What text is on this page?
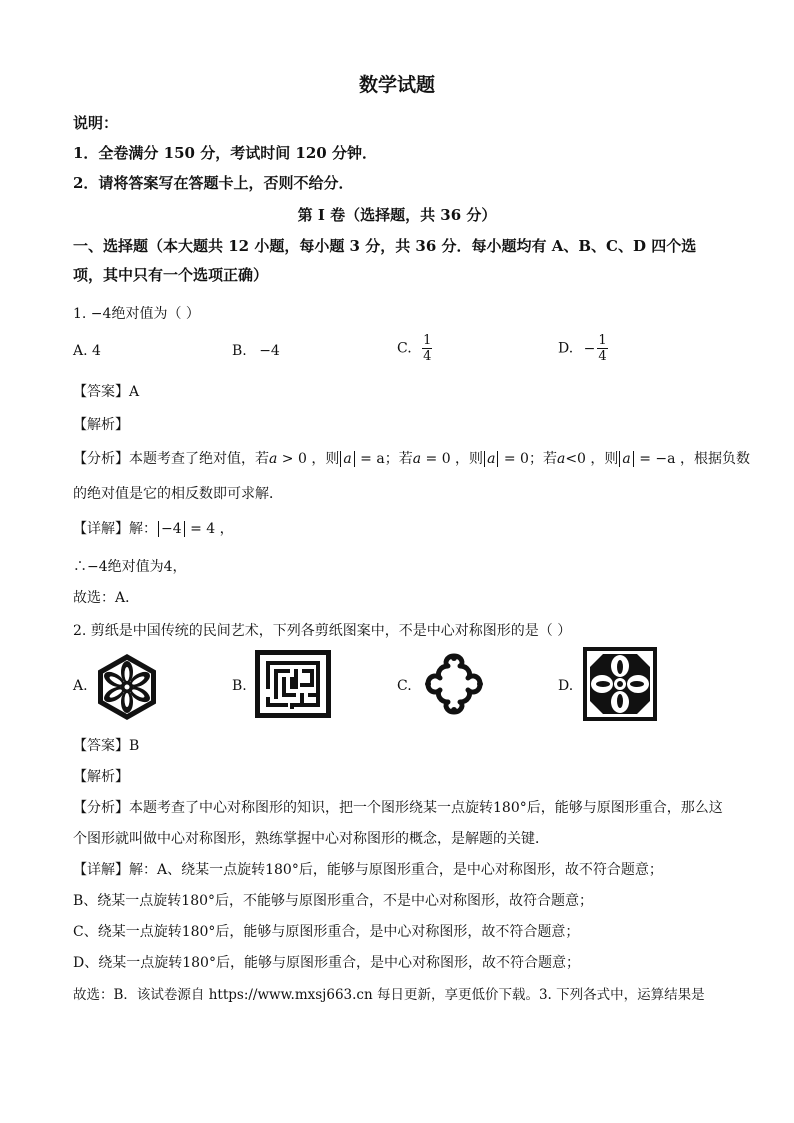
数学试题
说明：
1．全卷满分 150 分，考试时间 120 分钟．
2．请将答案写在答题卡上，否则不给分．
第 I 卷（选择题，共 36 分）
一、选择题（本大题共 12 小题，每小题 3 分，共 36 分．每小题均有 A、B、C、D 四个选
项，其中只有一个选项正确）
1. −4绝对值为（ ）
A. 4	B. −4	C. $\frac{1}{4}$	D. − $\frac{1}{4}$
【答案】A
【解析】
【分析】本题考查了绝对值，若a > 0 ，则 a = a；若a = 0 ，则 a = 0；若a<0 ，则 a = −a ，根据负数
的绝对值是它的相反数即可求解．
【详解】解： −4 = 4 ，
∴−4绝对值为4，
故选：A．
2. 剪纸是中国传统的民间艺术，下列各剪纸图案中，不是中心对称图形的是（ ）
A.	B.	C.	D.
【答案】B
【解析】
【分析】本题考查了中心对称图形的知识，把一个图形绕某一点旋转180°后，能够与原图形重合，那么这
个图形就叫做中心对称图形，熟练掌握中心对称图形的概念，是解题的关键．
【详解】解：A、绕某一点旋转180°后，能够与原图形重合，是中心对称图形，故不符合题意；
B、绕某一点旋转180°后，不能够与原图形重合，不是中心对称图形，故符合题意；
C、绕某一点旋转180°后，能够与原图形重合，是中心对称图形，故不符合题意；
D、绕某一点旋转180°后，能够与原图形重合，是中心对称图形，故不符合题意；
故选：B．该试卷源自 https://www.mxsj663.cn 每日更新，享更低价下载。3. 下列各式中，运算结果是
